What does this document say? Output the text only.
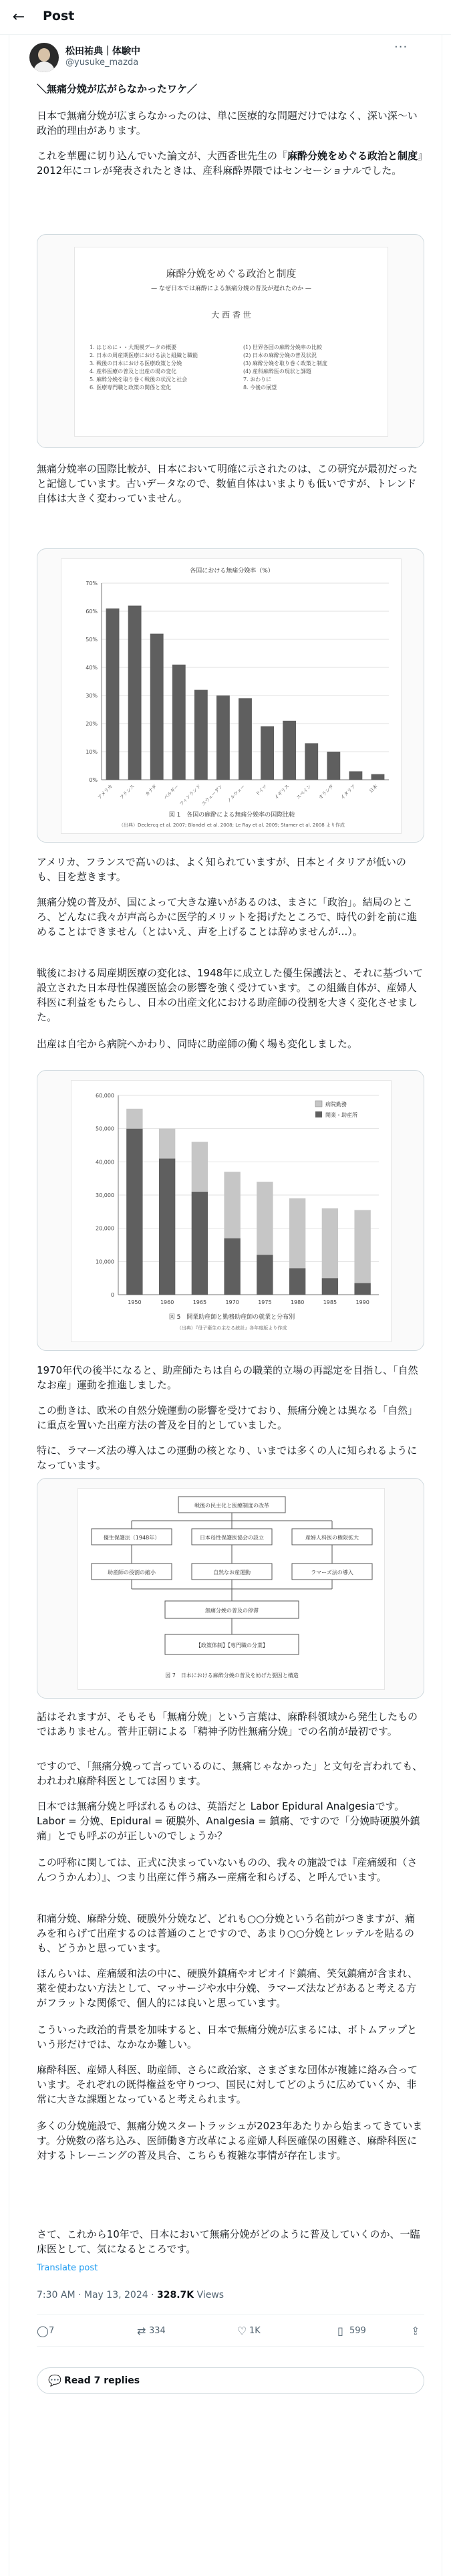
← Post
松田祐典｜体験中
@yusuke_mazda
···
＼無痛分娩が広がらなかったワケ／
日本で無痛分娩が広まらなかったのは、単に医療的な問題だけではなく、深い深〜い政治的理由があります。
これを華麗に切り込んでいた論文が、大西香世先生の『麻酔分娩をめぐる政治と制度』2012年にコレが発表されたときは、産科麻酔界隈ではセンセーショナルでした。
麻酔分娩をめぐる政治と制度
— なぜ日本では麻酔による無痛分娩の普及が遅れたのか —
大 西 香 世
1. はじめに・・大規模データの概要
2. 日本の周産期医療における法と組織と職能
3. 戦後の日本における医療政策と分娩
4. 産科医療の普及と出産の場の変化
5. 麻酔分娩を取り巻く戦後の状況と社会
6. 医療専門職と政策の関係と変化
(1) 世界各国の麻酔分娩率の比較
(2) 日本の麻酔分娩の普及状況
(3) 麻酔分娩を取り巻く政策と制度
(4) 産科麻酔医の現状と課題
7. おわりに
8. 今後の展望
無痛分娩率の国際比較が、日本において明確に示されたのは、この研究が最初だったと記憶しています。古いデータなので、数値自体はいまよりも低いですが、トレンド自体は大きく変わっていません。
各国における無痛分娩率（%）
0%
10%
20%
30%
40%
50%
60%
70%
アメリカ フランス カナダ ベルギー
フィンランド
スウェーデン ノルウェー ドイツ イギリス スペイン オランダ イタリア	日本
図 1　各国の麻酔による無痛分娩率の国際比較
（出典）Declercq et al. 2007; Blondel et al. 2008; Le Ray et al. 2009; Stamer et al. 2008 より作成
アメリカ、フランスで高いのは、よく知られていますが、日本とイタリアが低いのも、目を惹きます。
無痛分娩の普及が、国によって大きな違いがあるのは、まさに「政治」。結局のところ、どんなに我々が声高らかに医学的メリットを掲げたところで、時代の針を前に進めることはできません（とはいえ、声を上げることは辞めませんが...）。
戦後における周産期医療の変化は、1948年に成立した優生保護法と、それに基づいて設立された日本母性保護医協会の影響を強く受けています。この組織自体が、産婦人科医に利益をもたらし、日本の出産文化における助産師の役割を大きく変化させました。
出産は自宅から病院へかわり、同時に助産師の働く場も変化しました。
0
10,000
20,000
30,000
40,000
50,000
60,000
1950	1960	1965	1970	1975	1980	1985	1990
病院勤務
開業・助産所
図 5　開業助産師と勤務助産師の就業と分布別
（出典）『母子衛生の主なる統計』各年度版より作成
1970年代の後半になると、助産師たちは自らの職業的立場の再認定を目指し、「自然なお産」運動を推進しました。
この動きは、欧米の自然分娩運動の影響を受けており、無痛分娩とは異なる「自然」に重点を置いた出産方法の普及を目的としていました。
特に、ラマーズ法の導入はこの運動の核となり、いまでは多くの人に知られるようになっています。
戦後の民主化と医療制度の改革
優生保護法（1948年）	日本母性保護医協会の設立	産婦人科医の権限拡大
助産師の役割の縮小	自然なお産運動	ラマーズ法の導入
無痛分娩の普及の停滞
【政策体制】【専門職の分業】
図 7　日本における麻酔分娩の普及を妨げた要因と構造
話はそれますが、そもそも「無痛分娩」という言葉は、麻酔科領域から発生したものではありません。菅井正朝による「精神予防性無痛分娩」での名前が最初です。
ですので、「無痛分娩って言っているのに、無痛じゃなかった」と文句を言われても、われわれ麻酔科医としては困ります。
日本では無痛分娩と呼ばれるものは、英語だと Labor Epidural Analgesiaです。Labor = 分娩、Epidural = 硬膜外、Analgesia = 鎮痛、ですので「分娩時硬膜外鎮痛」とでも呼ぶのが正しいのでしょうか？
この呼称に関しては、正式に決まっていないものの、我々の施設では『産痛緩和（さんつうかんわ）』、つまり出産に伴う痛みー産痛を和らげる、と呼んでいます。
和痛分娩、麻酔分娩、硬膜外分娩など、どれも○○分娩という名前がつきますが、痛みを和らげて出産するのは普通のことですので、あまり○○分娩とレッテルを貼るのも、どうかと思っています。
ほんらいは、産痛緩和法の中に、硬膜外鎮痛やオピオイド鎮痛、笑気鎮痛が含まれ、薬を使わない方法として、マッサージや水中分娩、ラマーズ法などがあると考える方がフラットな関係で、個人的には良いと思っています。
こういった政治的背景を加味すると、日本で無痛分娩が広まるには、ボトムアップという形だけでは、なかなか難しい。
麻酔科医、産婦人科医、助産師、さらに政治家、さまざまな団体が複雑に絡み合っています。それぞれの既得権益を守りつつ、国民に対してどのように広めていくか、非常に大きな課題となっていると考えられます。
多くの分娩施設で、無痛分娩スタートラッシュが2023年あたりから始まってきています。分娩数の落ち込み、医師働き方改革による産婦人科医確保の困難さ、麻酔科医に対するトレーニングの普及具合、こちらも複雑な事情が存在します。
さて、これから10年で、日本において無痛分娩がどのように普及していくのか、一臨床医として、気になるところです。
Translate post
7:30 AM · May 13, 2024 · 328.7K Views
◯7	⇄ 334	♡ 1K	▯ 599	⇪
💬 Read 7 replies
